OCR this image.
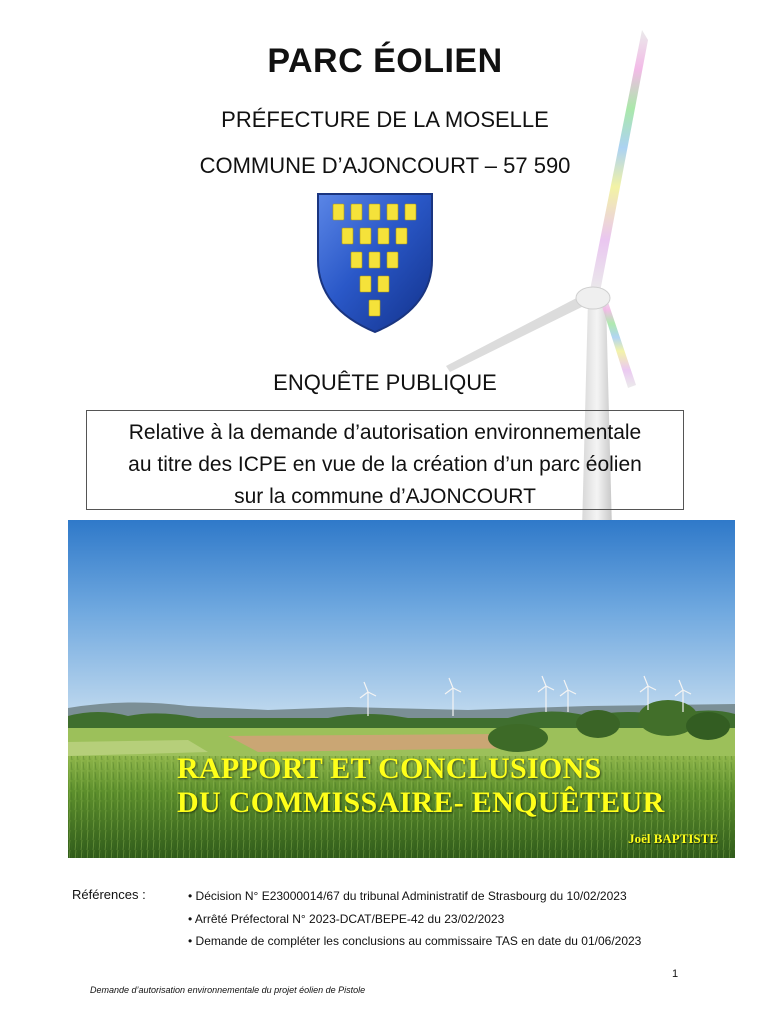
PARC ÉOLIEN
PRÉFECTURE DE LA MOSELLE
COMMUNE D’AJONCOURT – 57 590
ENQUÊTE PUBLIQUE
Relative à la demande d’autorisation environnementale
au titre des ICPE en vue de la création d’un parc éolien
sur la commune d’AJONCOURT
RAPPORT ET CONCLUSIONS
DU COMMISSAIRE- ENQUÊTEUR
Joël BAPTISTE
Références :	• Décision N° E23000014/67 du tribunal Administratif de Strasbourg du 10/02/2023
• Arrêté Préfectoral N° 2023-DCAT/BEPE-42 du 23/02/2023
• Demande de compléter les conclusions au commissaire TAS en date du 01/06/2023
1
Demande d’autorisation environnementale du projet éolien de Pistole
